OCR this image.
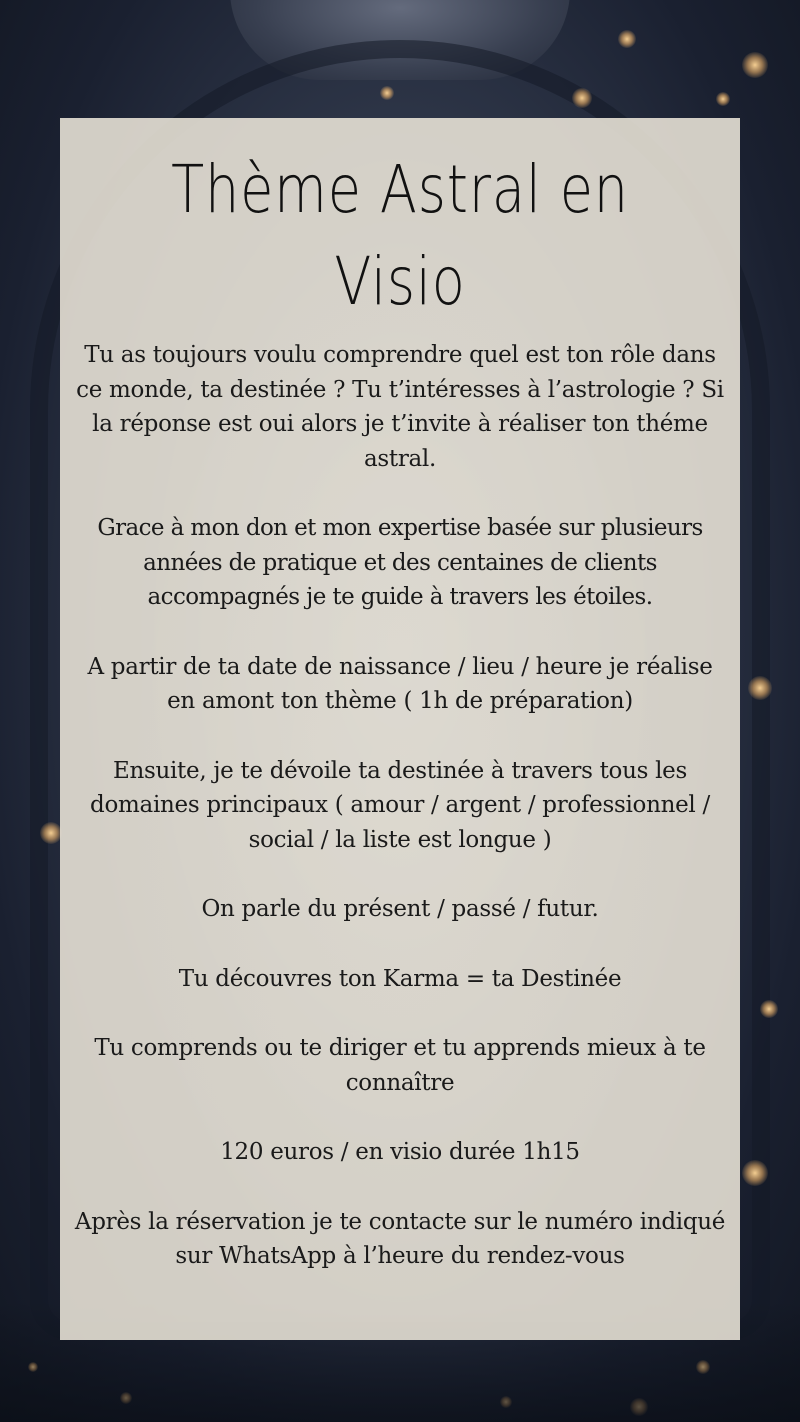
Thème Astral en Visio

Tu as toujours voulu comprendre quel est ton rôle dans ce monde, ta destinée ? Tu t’intéresses à l’astrologie ? Si la réponse est oui alors je t’invite à réaliser ton théme astral.

Grace à mon don et mon expertise basée sur plusieurs années de pratique et des centaines de clients accompagnés je te guide à travers les étoiles.

A partir de ta date de naissance / lieu / heure je réalise en amont ton thème ( 1h de préparation)

Ensuite, je te dévoile ta destinée à travers tous les domaines principaux ( amour / argent / professionnel / social / la liste est longue )

On parle du présent / passé / futur.

Tu découvres ton Karma = ta Destinée

Tu comprends ou te diriger et tu apprends mieux à te connaître

120 euros / en visio durée 1h15

Après la réservation je te contacte sur le numéro indiqué sur WhatsApp à l’heure du rendez-vous
